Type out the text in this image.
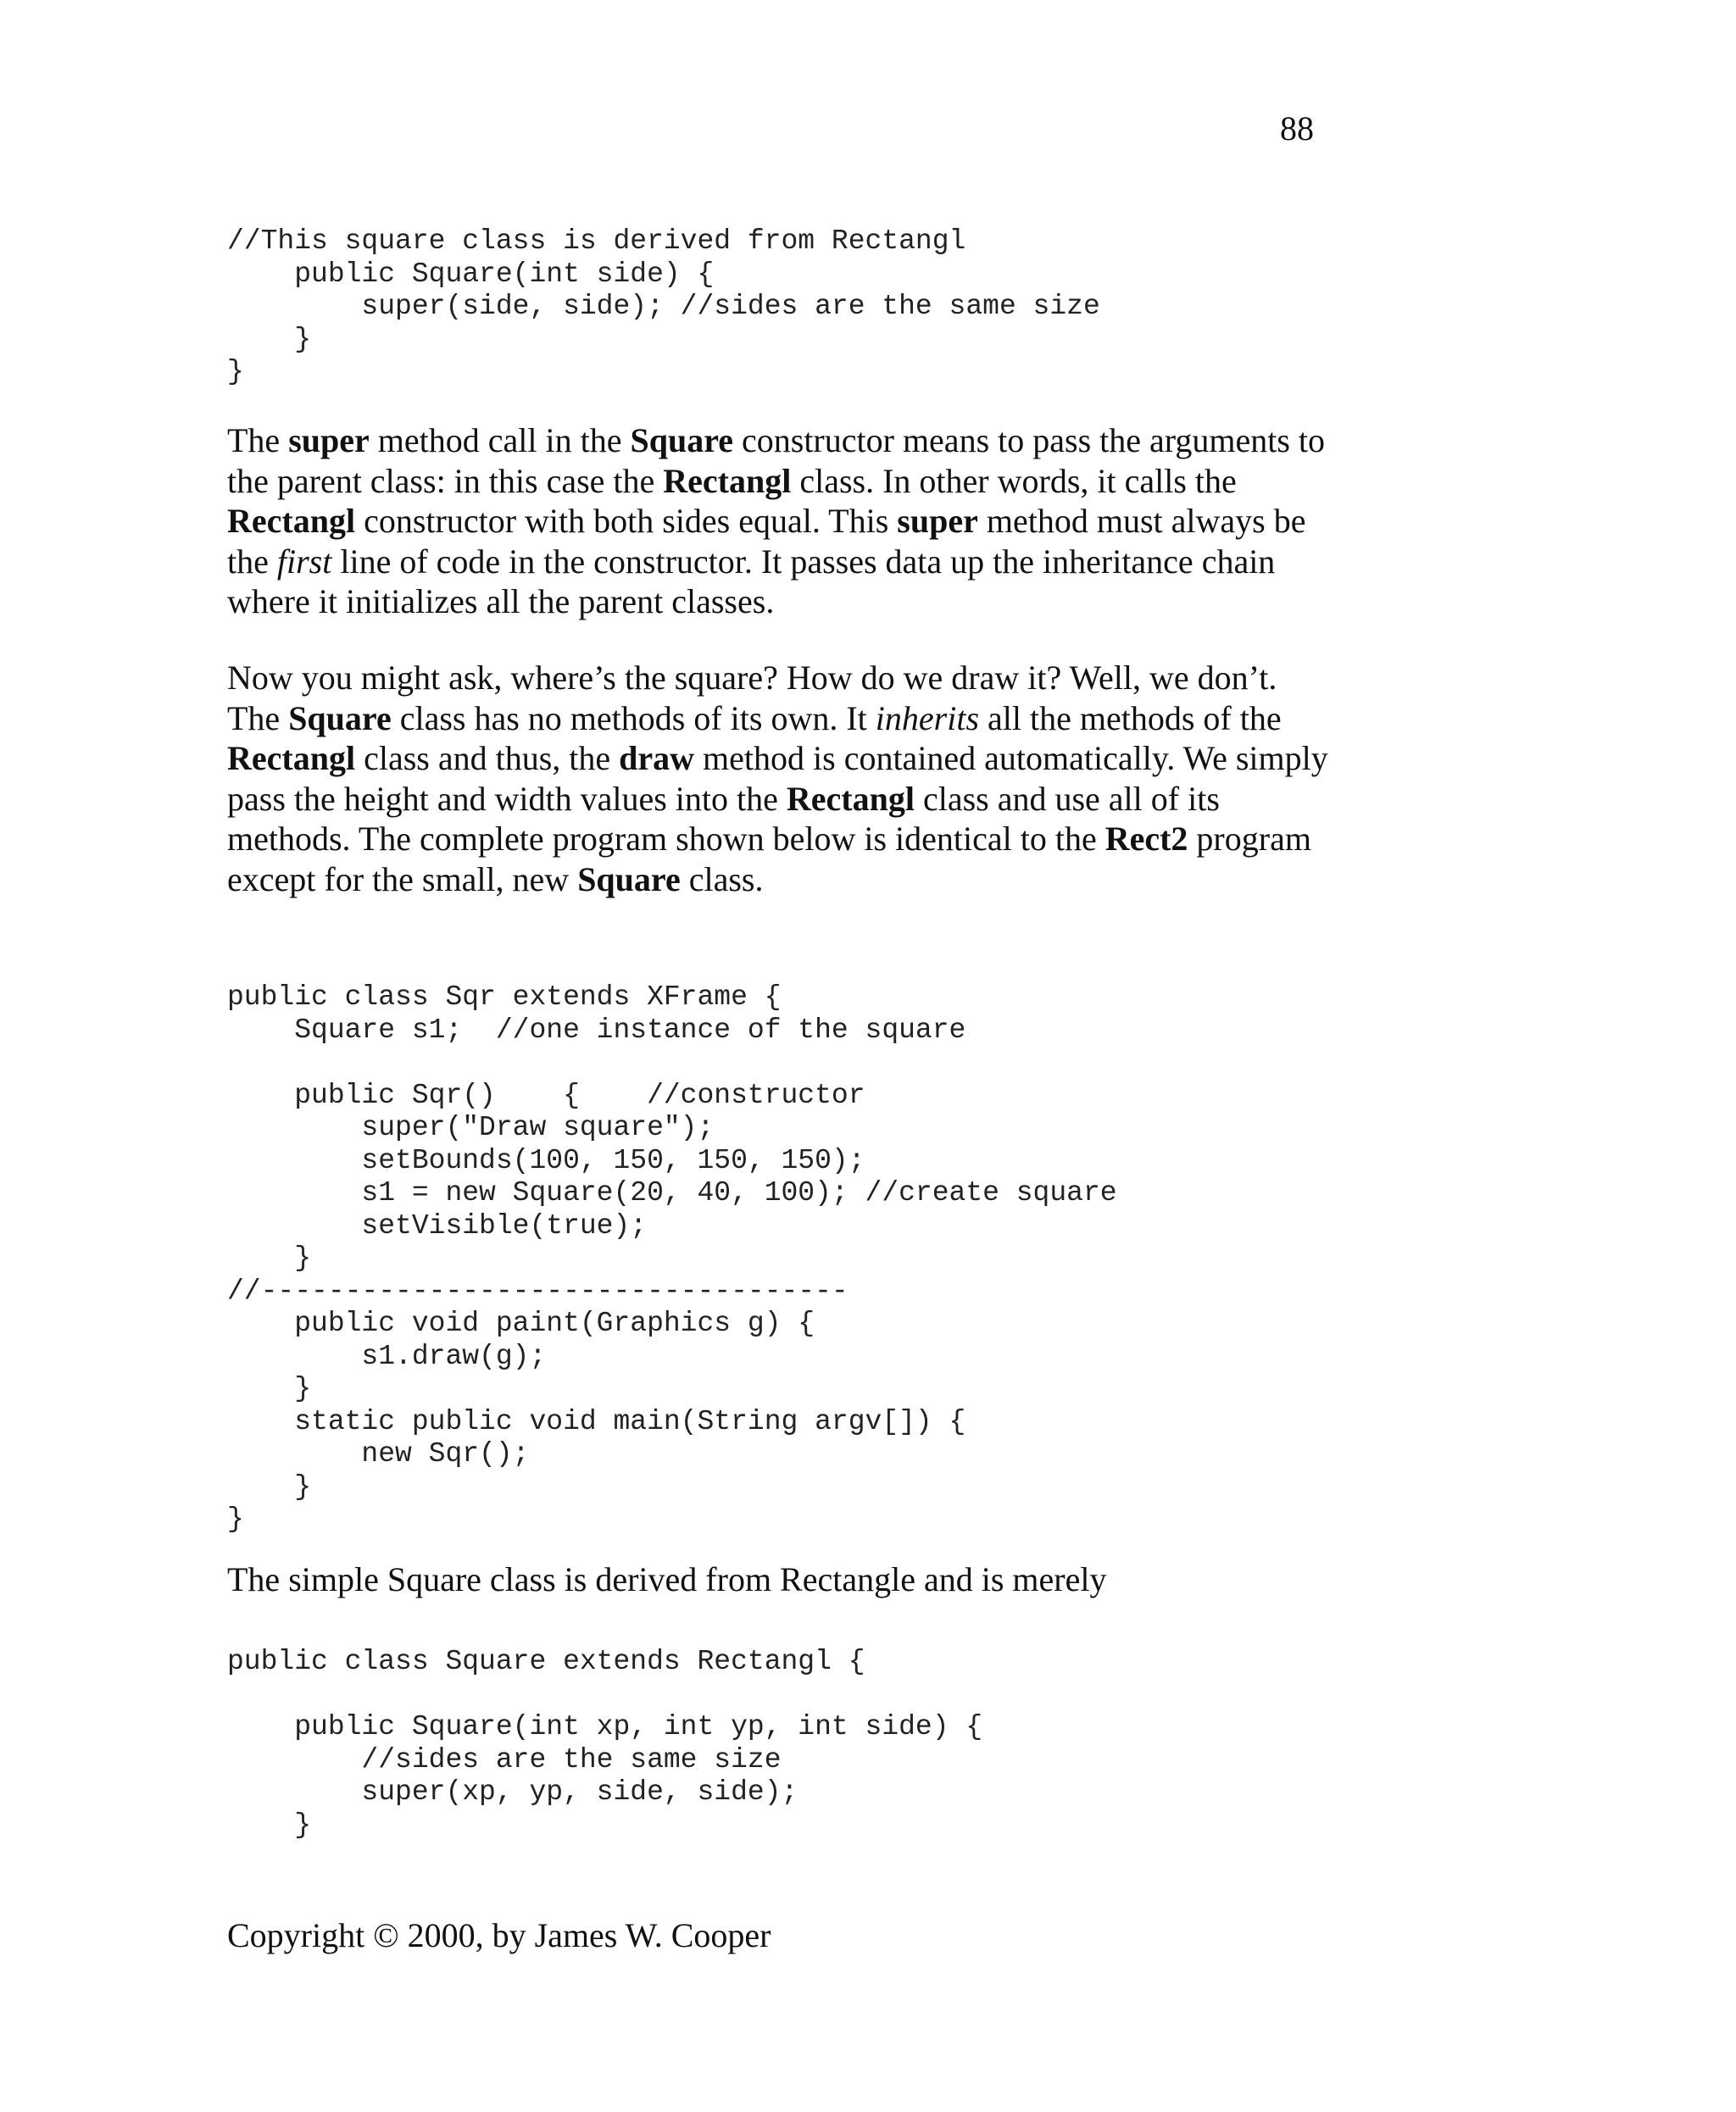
88
//This square class is derived from Rectangl
public Square(int side) {
super(side, side); //sides are the same size
}
}

The super method call in the Square constructor means to pass the arguments to the parent class: in this case the Rectangl class. In other words, it calls the Rectangl constructor with both sides equal. This super method must always be the first line of code in the constructor. It passes data up the inheritance chain where it initializes all the parent classes.

Now you might ask, where’s the square? How do we draw it? Well, we don’t. The Square class has no methods of its own. It inherits all the methods of the Rectangl class and thus, the draw method is contained automatically. We simply pass the height and width values into the Rectangl class and use all of its methods. The complete program shown below is identical to the Rect2 program except for the small, new Square class.

public class Sqr extends XFrame {
Square s1;  //one instance of the square
public Sqr()    {    //constructor
super("Draw square");
setBounds(100, 150, 150, 150);
s1 = new Square(20, 40, 100); //create square
setVisible(true);
}
//-----------------------------------
public void paint(Graphics g) {
s1.draw(g);
}
static public void main(String argv[]) {
new Sqr();
}
}

The simple Square class is derived from Rectangle and is merely

public class Square extends Rectangl {
public Square(int xp, int yp, int side) {
//sides are the same size
super(xp, yp, side, side);
}
Copyright © 2000, by James W. Cooper
